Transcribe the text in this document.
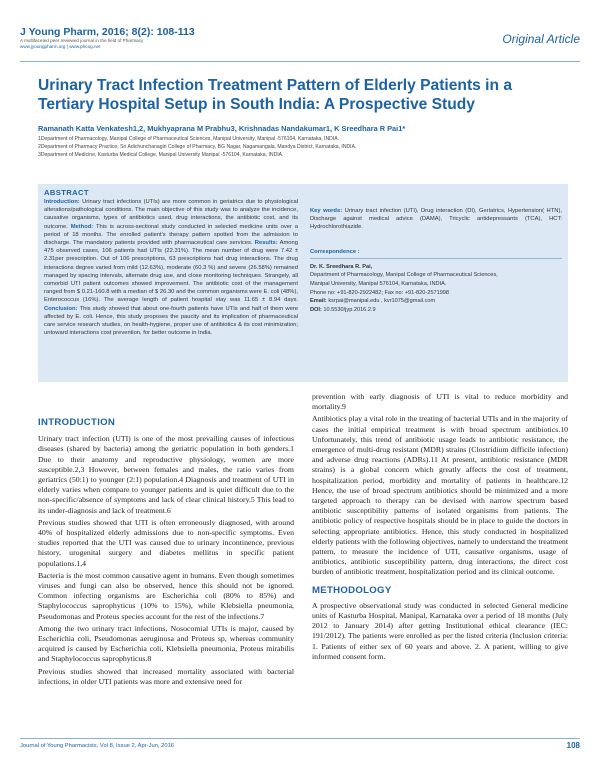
J Young Pharm, 2016; 8(2): 108-113
A multifaceted peer reviewed journal in the field of Pharmacy
www.jyoungpharm.org | www.phcog.net
Original Article
Urinary Tract Infection Treatment Pattern of Elderly Patients in a Tertiary Hospital Setup in South India: A Prospective Study
Ramanath Katta Venkatesh1,2, Mukhyaprana M Prabhu3, Krishnadas Nandakumar1, K Sreedhara R Pai1*
1Department of Pharmacology, Manipal College of Pharmaceutical Sciences, Manipal University, Manipal -576104, Karnataka, INDIA.
2Department of Pharmacy Practice, Sri Adichunchanagiri College of Pharmacy, BG Nagar, Nagamangala, Mandya District, Karnataka, INDIA.
3Department of Medicine, Kasturba Medical College, Manipal University Manipal -576104, Karnataka, INDIA.
ABSTRACT
Introduction: Urinary tract infections (UTIs) are more common in geriatrics due to physiological alterations/pathological conditions. The main objective of this study was to analyze the incidence, causative organisms, types of antibiotics used, drug interactions, the antibiotic cost, and its outcome. Method: This is across-sectional study conducted in selected medicine units over a period of 18 months. The enrolled patient's therapy pattern spotted from the admission to discharge. The mandatory patients provided with pharmaceutical care services. Results: Among 475 observed cases, 106 patients had UTIs (22.31%). The mean number of drug were 7.42 ± 2.31per prescription. Out of 106 prescriptions, 63 prescriptions had drug interactions. The drug interactions degree varied from mild (12.63%), moderate (60.3 %) and severe (26.58%) remained managed by spacing intervals, alternate drug use, and close monitoring techniques. Strangely, all comorbid UTI patient outcomes showed improvement. The antibiotic cost of the management ranged from $ 0.21-160.8 with a median of $ 26.30 and the common organisms were E. coli (48%), Enterococcus (16%). The average length of patient hospital stay was 11.65 ± 8.94 days. Conclusion: This study showed that about one-fourth patients have UTIs and half of them were affected by E. coli. Hence, this study proposes the paucity and its implication of pharmaceutical care service research studies, on health-hygiene, proper use of antibiotics & its cost minimization; untoward interactions cost prevention, for better outcome in India.
Key words: Urinary tract infection (UTI), Drug interaction (DI), Geriatrics, Hypertension( HTN), Discharge against medical advice (DAMA), Tricyclic antidepressants (TCA), HCT: Hydrochlorothiazide.
Correspondence :
Dr. K. Sreedhara R. Pai,
Department of Pharmacology, Manipal College of Pharmaceutical Sciences,
Manipal University, Manipal 576104, Karnataka, INDIA.
Phone no: +91-820-2922482; Fax no: +91-820-2571998
Email: ksrpai@manipal.edu , kvr1075@gmail.com
DOI: 10.5530/jyp.2016.2.9
INTRODUCTION

Urinary tract infection (UTI) is one of the most prevailing causes of infectious diseases (shared by bacteria) among the geriatric population in both genders.1 Due to their anatomy and reproductive physiology, women are more susceptible.2,3 However, between females and males, the ratio varies from geriatrics (50:1) to younger (2:1) population.4 Diagnosis and treatment of UTI in elderly varies when compare to younger patients and is quiet difficult due to the non-specific/absence of symptoms and lack of clear clinical history.5 This lead to its under-diagnosis and lack of treatment.6

Previous studies showed that UTI is often erroneously diagnosed, with around 40% of hospitalized elderly admissions due to non-specific symptoms. Even studies reported that the UTI was caused due to urinary incontinence, previous history, urogenital surgery and diabetes mellitus in specific patient populations.1,4

Bacteria is the most common causative agent in humans. Even though sometimes viruses and fungi can also be observed, hence this should not be ignored. Common infecting organisms are Escherichia coli (80% to 85%) and Staphylococcus saprophyticus (10% to 15%), while Klebsiella pneumonia, Pseudomonas and Proteus species account for the rest of the infections.7

Among the two urinary tract infections, Nosocomial UTIs is major, caused by Escherichia coli, Pseudomonas aeruginosa and Proteus sp, whereas community acquired is caused by Escherichia coli, Klebsiella pneumonia, Proteus mirabilis and Staphylococcus saprophyticus.8

Previous studies showed that increased mortality associated with bacterial infections, in older UTI patients was more and extensive need for

prevention with early diagnosis of UTI is vital to reduce morbidity and mortality.9

Antibiotics play a vital role in the treating of bacterial UTIs and in the majority of cases the initial empirical treatment is with broad spectrum antibiotics.10 Unfortunately, this trend of antibiotic usage leads to antibiotic resistance, the emergence of multi-drug resistant (MDR) strains (Clostridium difficile infection) and adverse drug reactions (ADRs).11 At present, antibiotic resistance (MDR strains) is a global concern which greatly affects the cost of treatment, hospitalization period, morbidity and mortality of patients in healthcare.12 Hence, the use of broad spectrum antibiotics should be minimized and a more targeted approach to therapy can be devised with narrow spectrum based antibiotic susceptibility patterns of isolated organisms from patients. The antibiotic policy of respective hospitals should be in place to guide the doctors in selecting appropriate antibiotics. Hence, this study conducted in hospitalized elderly patients with the following objectives, namely to understand the treatment pattern, to measure the incidence of UTI, causative organisms, usage of antibiotics, antibiotic susceptibility pattern, drug interactions, the direct cost burden of antibiotic treatment, hospitalization period and its clinical outcome.

METHODOLOGY

A prospective observational study was conducted in selected General medicine units of Kasturba Hospital, Manipal, Karnataka over a period of 18 months (July 2012 to January 2014) after getting Institutional ethical clearance (IEC: 191/2012). The patients were enrolled as per the listed criteria (Inclusion criteria: 1. Patients of either sex of 60 years and above. 2. A patient, willing to give informed consent form.

Journal of Young Pharmacists, Vol 8, Issue 2, Apr-Jun, 2016	108
